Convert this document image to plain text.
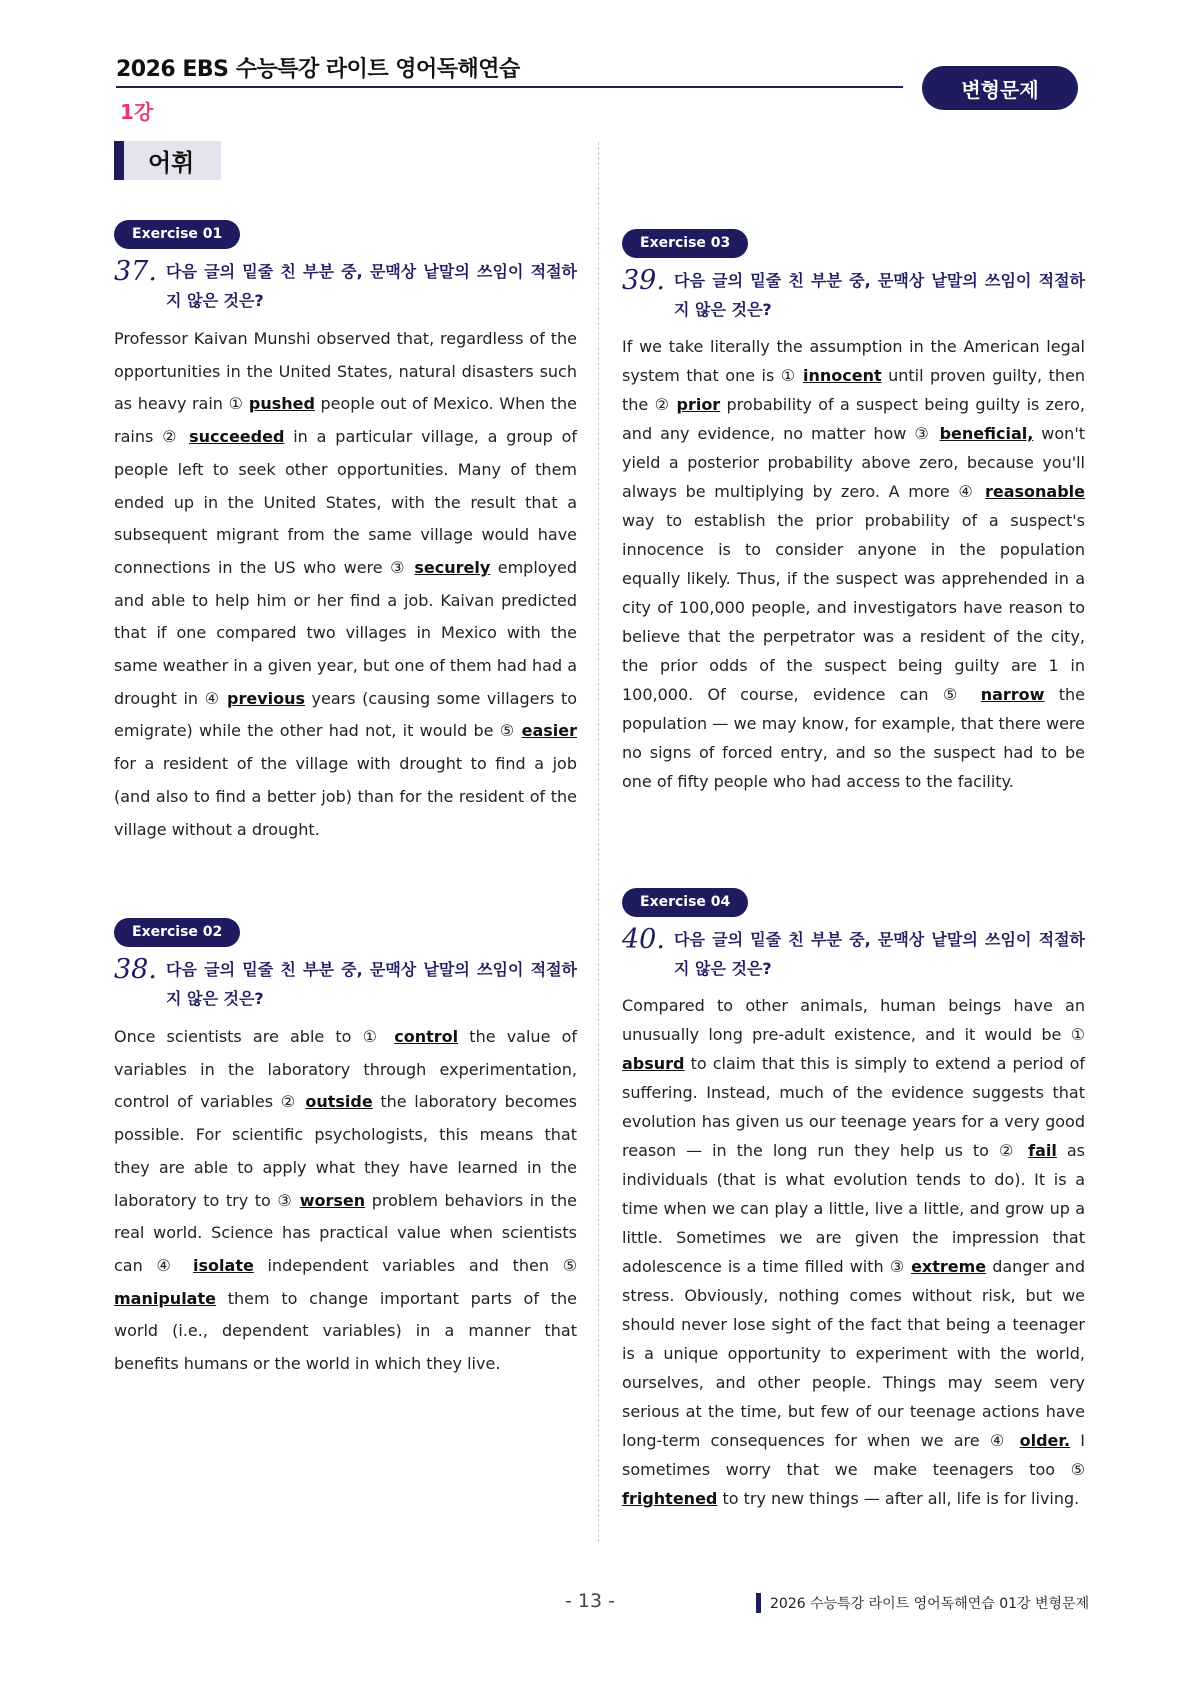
2026 EBS 수능특강 라이트 영어독해연습
1강
변형문제
어휘
Exercise 01
37. 다음 글의 밑줄 친 부분 중, 문맥상 낱말의 쓰임이 적절하지 않은 것은?
Professor Kaivan Munshi observed that, regardless of the opportunities in the United States, natural disasters such as heavy rain ① pushed people out of Mexico. When the rains ② succeeded in a particular village, a group of people left to seek other opportunities. Many of them ended up in the United States, with the result that a subsequent migrant from the same village would have connections in the US who were ③ securely employed and able to help him or her find a job. Kaivan predicted that if one compared two villages in Mexico with the same weather in a given year, but one of them had had a drought in ④ previous years (causing some villagers to emigrate) while the other had not, it would be ⑤ easier for a resident of the village with drought to find a job (and also to find a better job) than for the resident of the village without a drought.
Exercise 02
38. 다음 글의 밑줄 친 부분 중, 문맥상 낱말의 쓰임이 적절하지 않은 것은?
Once scientists are able to ① control the value of variables in the laboratory through experimentation, control of variables ② outside the laboratory becomes possible. For scientific psychologists, this means that they are able to apply what they have learned in the laboratory to try to ③ worsen problem behaviors in the real world. Science has practical value when scientists can ④ isolate independent variables and then ⑤ manipulate them to change important parts of the world (i.e., dependent variables) in a manner that benefits humans or the world in which they live.
Exercise 03
39. 다음 글의 밑줄 친 부분 중, 문맥상 낱말의 쓰임이 적절하지 않은 것은?
If we take literally the assumption in the American legal system that one is ① innocent until proven guilty, then the ② prior probability of a suspect being guilty is zero, and any evidence, no matter how ③ beneficial, won't yield a posterior probability above zero, because you'll always be multiplying by zero. A more ④ reasonable way to establish the prior probability of a suspect's innocence is to consider anyone in the population equally likely. Thus, if the suspect was apprehended in a city of 100,000 people, and investigators have reason to believe that the perpetrator was a resident of the city, the prior odds of the suspect being guilty are 1 in 100,000. Of course, evidence can ⑤ narrow the population — we may know, for example, that there were no signs of forced entry, and so the suspect had to be one of fifty people who had access to the facility.
Exercise 04
40. 다음 글의 밑줄 친 부분 중, 문맥상 낱말의 쓰임이 적절하지 않은 것은?
Compared to other animals, human beings have an unusually long pre-adult existence, and it would be ① absurd to claim that this is simply to extend a period of suffering. Instead, much of the evidence suggests that evolution has given us our teenage years for a very good reason — in the long run they help us to ② fail as individuals (that is what evolution tends to do). It is a time when we can play a little, live a little, and grow up a little. Sometimes we are given the impression that adolescence is a time filled with ③ extreme danger and stress. Obviously, nothing comes without risk, but we should never lose sight of the fact that being a teenager is a unique opportunity to experiment with the world, ourselves, and other people. Things may seem very serious at the time, but few of our teenage actions have long-term consequences for when we are ④ older. I sometimes worry that we make teenagers too ⑤ frightened to try new things — after all, life is for living.
- 13 -	2026 수능특강 라이트 영어독해연습 01강 변형문제
